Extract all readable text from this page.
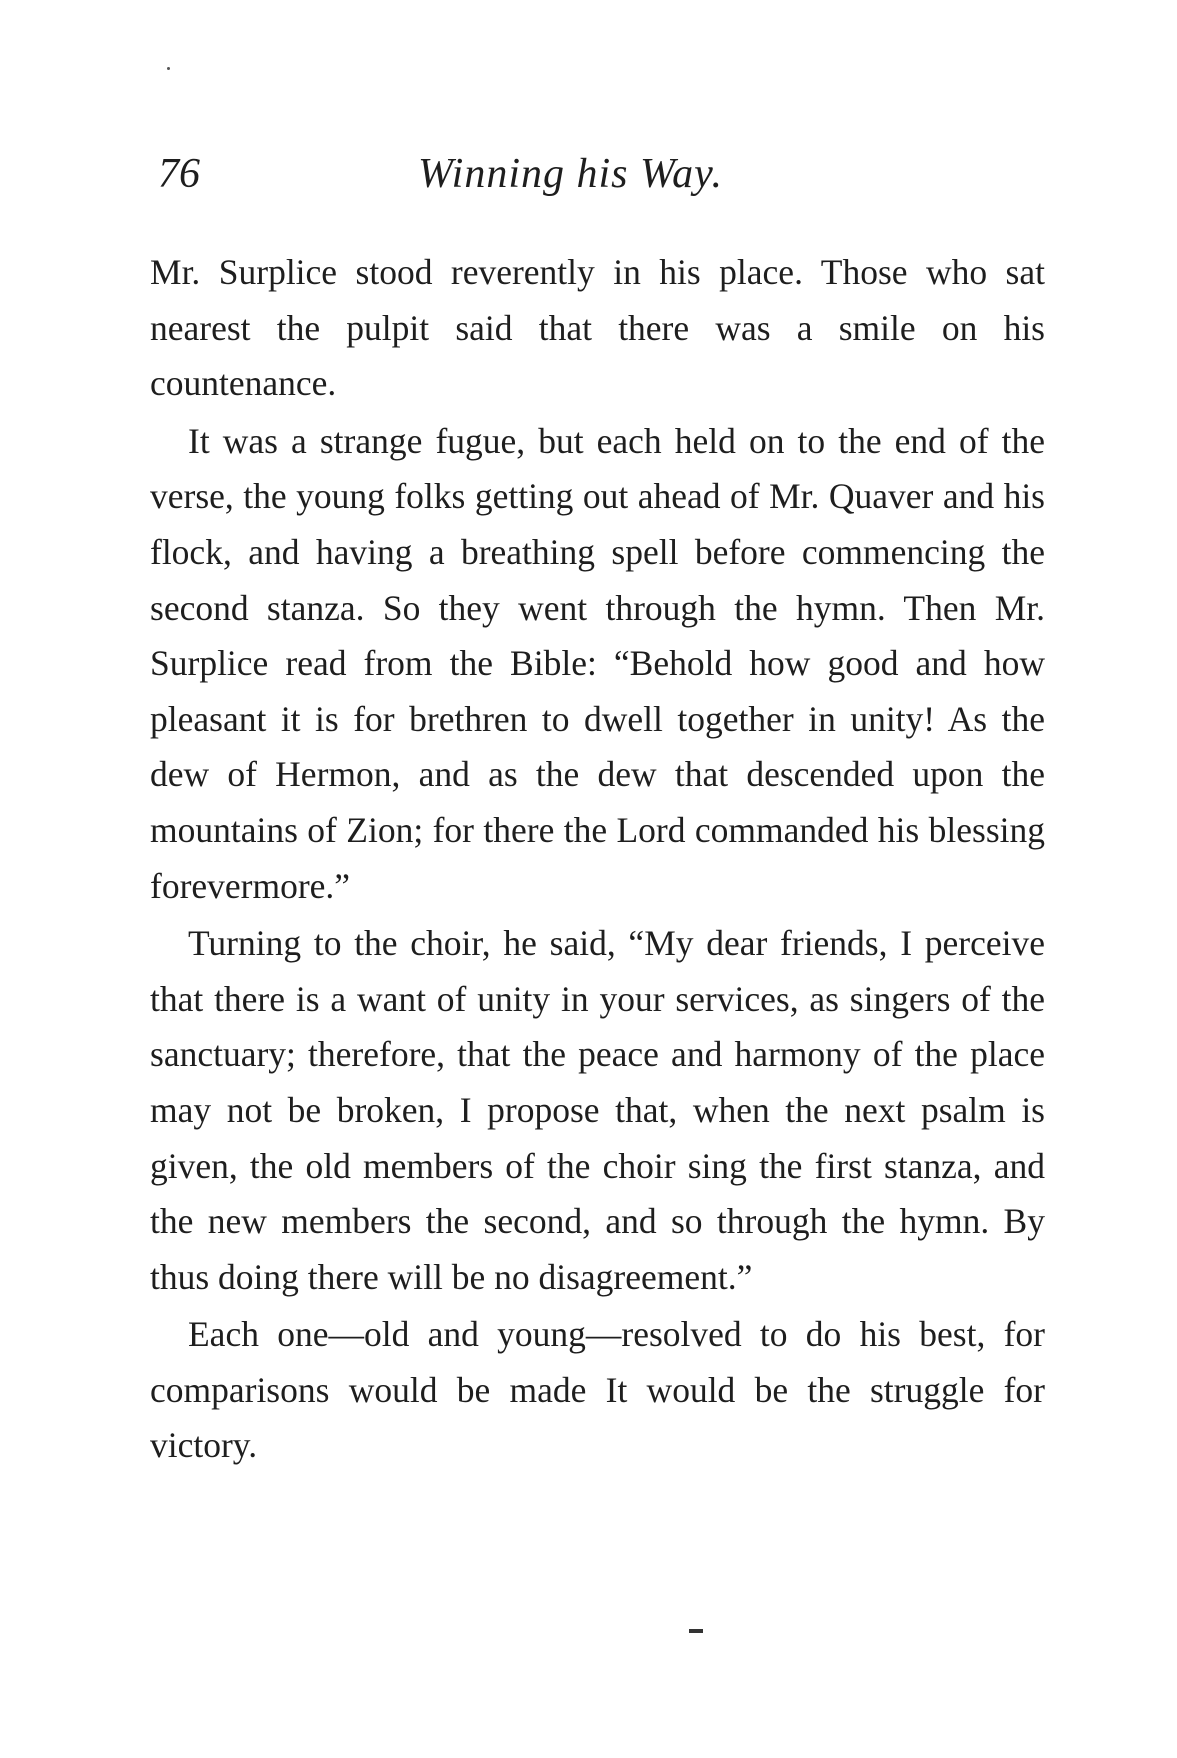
76	Winning his Way.

Mr. Surplice stood reverently in his place. Those who sat nearest the pulpit said that there was a smile on his countenance.

It was a strange fugue, but each held on to the end of the verse, the young folks getting out ahead of Mr. Quaver and his flock, and having a breathing spell before commencing the second stanza. So they went through the hymn. Then Mr. Surplice read from the Bible: “Behold how good and how pleasant it is for brethren to dwell together in unity! As the dew of Hermon, and as the dew that descended upon the mountains of Zion; for there the Lord commanded his blessing forevermore.”

Turning to the choir, he said, “My dear friends, I perceive that there is a want of unity in your services, as singers of the sanctuary; therefore, that the peace and harmony of the place may not be broken, I propose that, when the next psalm is given, the old members of the choir sing the first stanza, and the new members the second, and so through the hymn. By thus doing there will be no disagreement.”

Each one—old and young—resolved to do his best, for comparisons would be made It would be the struggle for victory.
